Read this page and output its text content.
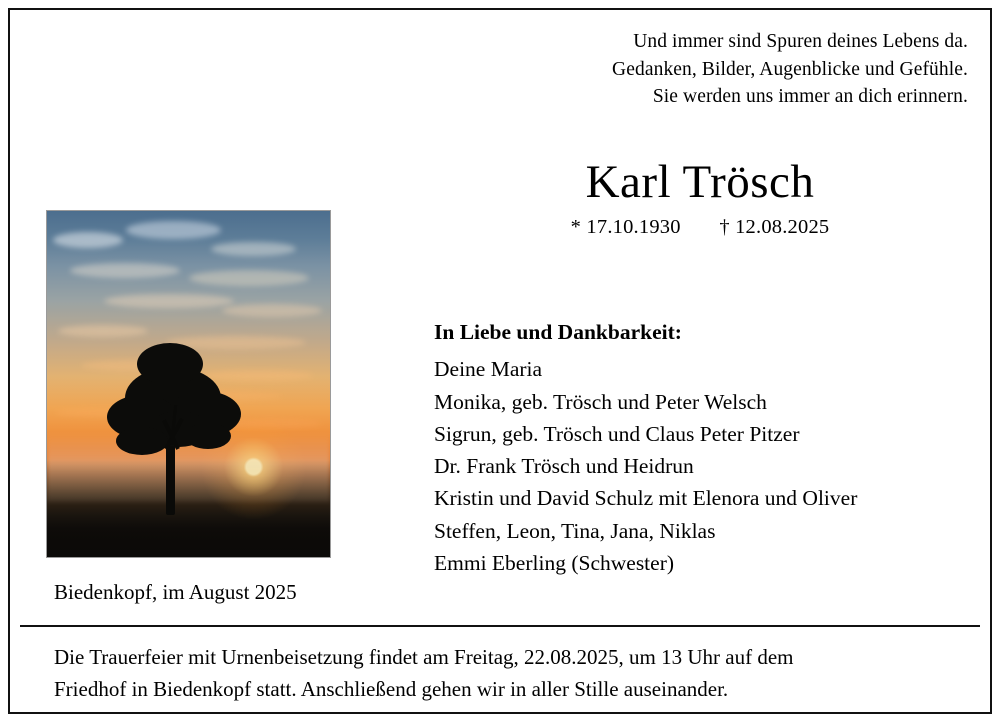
Und immer sind Spuren deines Lebens da.
Gedanken, Bilder, Augenblicke und Gefühle.
Sie werden uns immer an dich erinnern.
Karl Trösch
* 17.10.1930 † 12.08.2025
In Liebe und Dankbarkeit:
Deine Maria
Monika, geb. Trösch und Peter Welsch
Sigrun, geb. Trösch und Claus Peter Pitzer
Dr. Frank Trösch und Heidrun
Kristin und David Schulz mit Elenora und Oliver
Steffen, Leon, Tina, Jana, Niklas
Emmi Eberling (Schwester)
Biedenkopf, im August 2025
Die Trauerfeier mit Urnenbeisetzung findet am Freitag, 22.08.2025, um 13 Uhr auf dem
Friedhof in Biedenkopf statt. Anschließend gehen wir in aller Stille auseinander.
